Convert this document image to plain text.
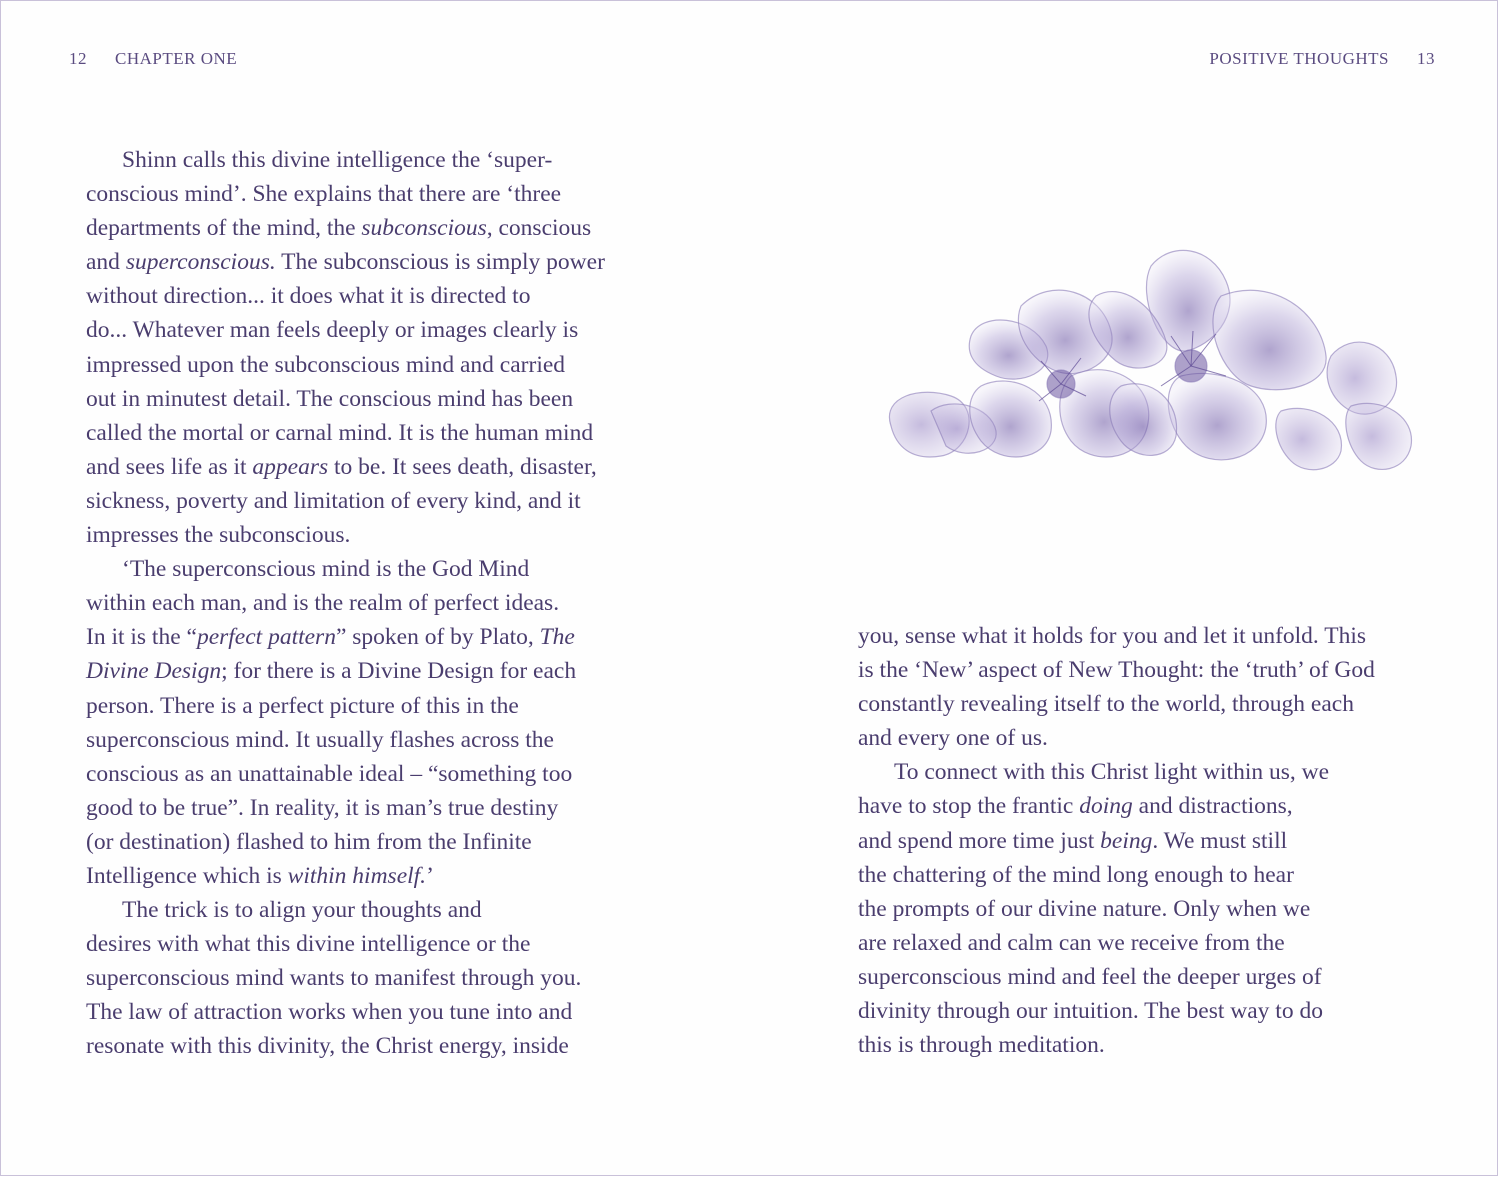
12 CHAPTER ONE	POSITIVE THOUGHTS 13
Shinn calls this divine intelligence the ‘super-
conscious mind’. She explains that there are ‘three
departments of the mind, the subconscious, conscious
and superconscious. The subconscious is simply power
without direction... it does what it is directed to
do... Whatever man feels deeply or images clearly is
impressed upon the subconscious mind and carried
out in minutest detail. The conscious mind has been
called the mortal or carnal mind. It is the human mind
and sees life as it appears to be. It sees death, disaster,
sickness, poverty and limitation of every kind, and it
impresses the subconscious.
‘The superconscious mind is the God Mind
within each man, and is the realm of perfect ideas.
In it is the “perfect pattern” spoken of by Plato, The
Divine Design; for there is a Divine Design for each
person. There is a perfect picture of this in the
superconscious mind. It usually flashes across the
conscious as an unattainable ideal – “something too
good to be true”. In reality, it is man’s true destiny
(or destination) flashed to him from the Infinite
Intelligence which is within himself.’
The trick is to align your thoughts and
desires with what this divine intelligence or the
superconscious mind wants to manifest through you.
The law of attraction works when you tune into and
resonate with this divinity, the Christ energy, inside
you, sense what it holds for you and let it unfold. This
is the ‘New’ aspect of New Thought: the ‘truth’ of God
constantly revealing itself to the world, through each
and every one of us.
To connect with this Christ light within us, we
have to stop the frantic doing and distractions,
and spend more time just being. We must still
the chattering of the mind long enough to hear
the prompts of our divine nature. Only when we
are relaxed and calm can we receive from the
superconscious mind and feel the deeper urges of
divinity through our intuition. The best way to do
this is through meditation.
